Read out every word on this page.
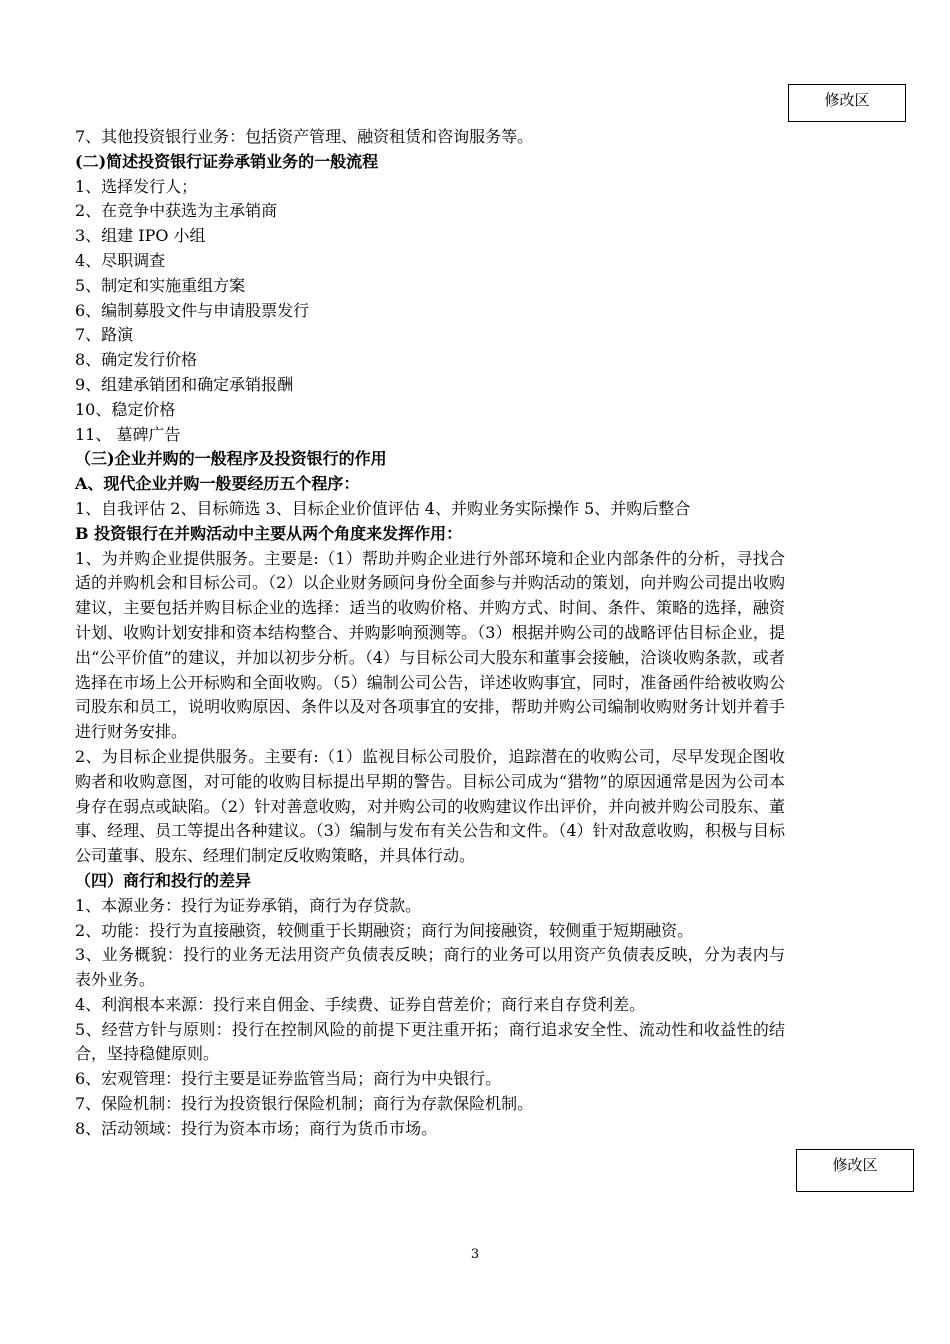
修改区
修改区
7、其他投资银行业务：包括资产管理、融资租赁和咨询服务等。
(二)简述投资银行证券承销业务的一般流程
1、选择发行人；
2、在竞争中获选为主承销商
3、组建 IPO 小组
4、尽职调查
5、制定和实施重组方案
6、编制募股文件与申请股票发行
7、路演
8、确定发行价格
9、组建承销团和确定承销报酬
10、稳定价格
11、 墓碑广告
（三)企业并购的一般程序及投资银行的作用
A、现代企业并购一般要经历五个程序：
1、自我评估 2、目标筛选 3、目标企业价值评估 4、并购业务实际操作 5、并购后整合
B 投资银行在并购活动中主要从两个角度来发挥作用：
1、为并购企业提供服务。主要是:（1）帮助并购企业进行外部环境和企业内部条件的分析，寻找合适的并购机会和目标公司。（2）以企业财务顾问身份全面参与并购活动的策划，向并购公司提出收购建议，主要包括并购目标企业的选择：适当的收购价格、并购方式、时间、条件、策略的选择，融资计划、收购计划安排和资本结构整合、并购影响预测等。（3）根据并购公司的战略评估目标企业，提出“公平价值”的建议，并加以初步分析。（4）与目标公司大股东和董事会接触，洽谈收购条款，或者选择在市场上公开标购和全面收购。（5）编制公司公告，详述收购事宜，同时，准备函件给被收购公司股东和员工，说明收购原因、条件以及对各项事宜的安排，帮助并购公司编制收购财务计划并着手进行财务安排。
2、为目标企业提供服务。主要有:（1）监视目标公司股价，追踪潜在的收购公司，尽早发现企图收购者和收购意图，对可能的收购目标提出早期的警告。目标公司成为“猎物”的原因通常是因为公司本身存在弱点或缺陷。（2）针对善意收购，对并购公司的收购建议作出评价，并向被并购公司股东、董事、经理、员工等提出各种建议。（3）编制与发布有关公告和文件。（4）针对敌意收购，积极与目标公司董事、股东、经理们制定反收购策略，并具体行动。
（四）商行和投行的差异
1、本源业务：投行为证券承销，商行为存贷款。
2、功能：投行为直接融资，较侧重于长期融资；商行为间接融资，较侧重于短期融资。
3、业务概貌：投行的业务无法用资产负债表反映；商行的业务可以用资产负债表反映，分为表内与表外业务。
4、利润根本来源：投行来自佣金、手续费、证券自营差价；商行来自存贷利差。
5、经营方针与原则：投行在控制风险的前提下更注重开拓；商行追求安全性、流动性和收益性的结合，坚持稳健原则。
6、宏观管理：投行主要是证券监管当局；商行为中央银行。
7、保险机制：投行为投资银行保险机制；商行为存款保险机制。
8、活动领域：投行为资本市场；商行为货币市场。
3
